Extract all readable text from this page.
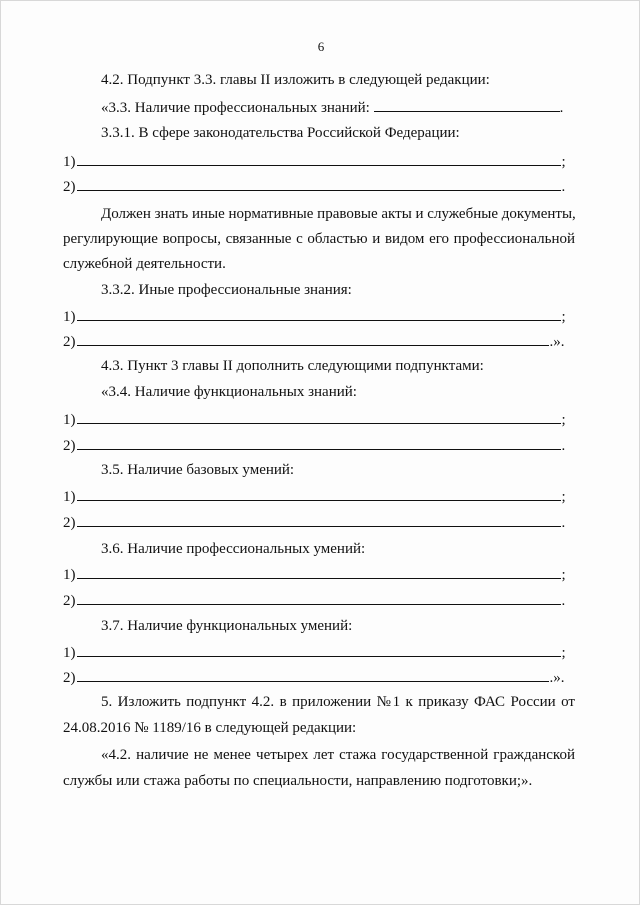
6
4.2. Подпункт 3.3. главы II изложить в следующей редакции:
«3.3. Наличие профессиональных знаний:	.
3.3.1. В сфере законодательства Российской Федерации:
1)	;
2)	.
Должен знать иные нормативные правовые акты и служебные документы,
регулирующие вопросы, связанные с областью и видом его профессиональной
служебной деятельности.
3.3.2. Иные профессиональные знания:
1)	;
2)	.».
4.3. Пункт 3 главы II дополнить следующими подпунктами:
«3.4. Наличие функциональных знаний:
1)	;
2)	.
3.5. Наличие базовых умений:
1)	;
2)	.
3.6. Наличие профессиональных умений:
1)	;
2)	.
3.7. Наличие функциональных умений:
1)	;
2)	.».
5. Изложить подпункт 4.2. в приложении №1 к приказу ФАС России от
24.08.2016 № 1189/16 в следующей редакции:
«4.2. наличие не менее четырех лет стажа государственной гражданской
службы или стажа работы по специальности, направлению подготовки;».
